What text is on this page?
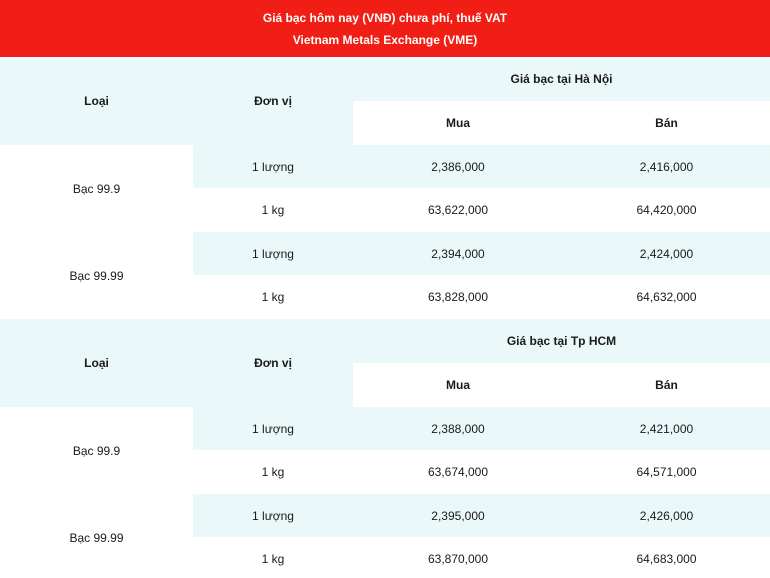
Giá bạc hôm nay (VNĐ) chưa phí, thuế VAT
Vietnam Metals Exchange (VME)
Loại	Đơn vị	Giá bạc tại Hà Nội	
		Mua	Bán
Bạc 99.9	1 lượng	2,386,000	2,416,000
	1 kg	63,622,000	64,420,000
Bạc 99.99	1 lượng	2,394,000	2,424,000
	1 kg	63,828,000	64,632,000
Loại	Đơn vị	Giá bạc tại Tp HCM	
		Mua	Bán
Bạc 99.9	1 lượng	2,388,000	2,421,000
	1 kg	63,674,000	64,571,000
Bạc 99.99	1 lượng	2,395,000	2,426,000
	1 kg	63,870,000	64,683,000
